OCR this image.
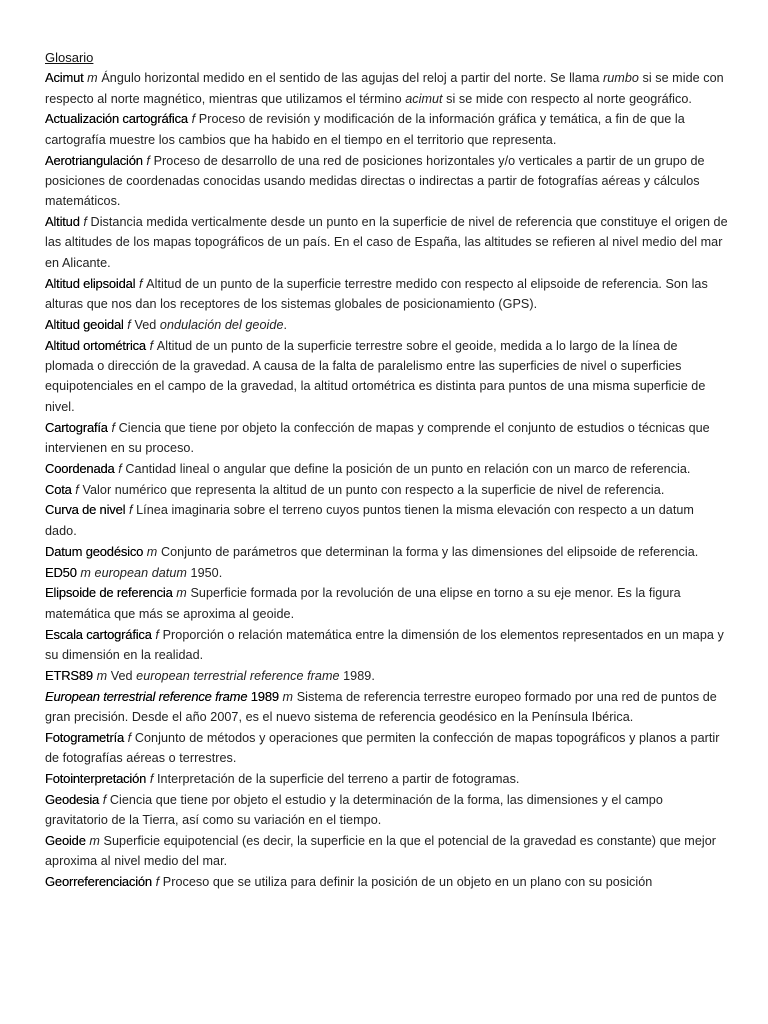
Glosario
Acimut m Ángulo horizontal medido en el sentido de las agujas del reloj a partir del norte. Se llama rumbo si se mide con respecto al norte magnético, mientras que utilizamos el término acimut si se mide con respecto al norte geográfico.
Actualización cartográfica f Proceso de revisión y modificación de la información gráfica y temática, a fin de que la cartografía muestre los cambios que ha habido en el tiempo en el territorio que representa.
Aerotriangulación f Proceso de desarrollo de una red de posiciones horizontales y/o verticales a partir de un grupo de posiciones de coordenadas conocidas usando medidas directas o indirectas a partir de fotografías aéreas y cálculos matemáticos.
Altitud f Distancia medida verticalmente desde un punto en la superficie de nivel de referencia que constituye el origen de las altitudes de los mapas topográficos de un país. En el caso de España, las altitudes se refieren al nivel medio del mar en Alicante.
Altitud elipsoidal f Altitud de un punto de la superficie terrestre medido con respecto al elipsoide de referencia. Son las alturas que nos dan los receptores de los sistemas globales de posicionamiento (GPS).
Altitud geoidal f Ved ondulación del geoide.
Altitud ortométrica f Altitud de un punto de la superficie terrestre sobre el geoide, medida a lo largo de la línea de plomada o dirección de la gravedad. A causa de la falta de paralelismo entre las superficies de nivel o superficies equipotenciales en el campo de la gravedad, la altitud ortométrica es distinta para puntos de una misma superficie de nivel.
Cartografía f Ciencia que tiene por objeto la confección de mapas y comprende el conjunto de estudios o técnicas que intervienen en su proceso.
Coordenada f Cantidad lineal o angular que define la posición de un punto en relación con un marco de referencia.
Cota f Valor numérico que representa la altitud de un punto con respecto a la superficie de nivel de referencia.
Curva de nivel f Línea imaginaria sobre el terreno cuyos puntos tienen la misma elevación con respecto a un datum dado.
Datum geodésico m Conjunto de parámetros que determinan la forma y las dimensiones del elipsoide de referencia.
ED50 m european datum 1950.
Elipsoide de referencia m Superficie formada por la revolución de una elipse en torno a su eje menor. Es la figura matemática que más se aproxima al geoide.
Escala cartográfica f Proporción o relación matemática entre la dimensión de los elementos representados en un mapa y su dimensión en la realidad.
ETRS89 m Ved european terrestrial reference frame 1989.
European terrestrial reference frame 1989 m Sistema de referencia terrestre europeo formado por una red de puntos de gran precisión. Desde el año 2007, es el nuevo sistema de referencia geodésico en la Península Ibérica.
Fotogrametría f Conjunto de métodos y operaciones que permiten la confección de mapas topográficos y planos a partir de fotografías aéreas o terrestres.
Fotointerpretación f Interpretación de la superficie del terreno a partir de fotogramas.
Geodesia f Ciencia que tiene por objeto el estudio y la determinación de la forma, las dimensiones y el campo gravitatorio de la Tierra, así como su variación en el tiempo.
Geoide m Superficie equipotencial (es decir, la superficie en la que el potencial de la gravedad es constante) que mejor aproxima al nivel medio del mar.
Georreferenciación f Proceso que se utiliza para definir la posición de un objeto en un plano con su posición
